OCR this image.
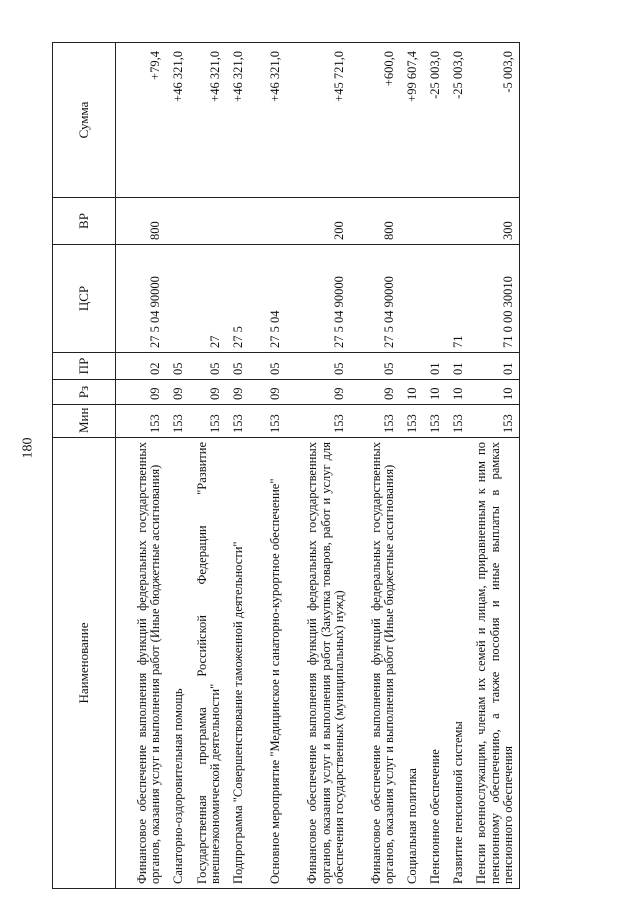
180
Наименование	Мин	Рз	ПР	ЦСР	ВР	Сумма
Финансовое обеспечение выполнения функций федеральных государственных органов, оказания услуг и выполнения работ (Иные бюджетные ассигнования)	153	09	02	27 5 04 90000	800	+79,4
Санаторно-оздоровительная помощь	153	09	05			+46 321,0
Государственная программа Российской Федерации "Развитие внешнеэкономической деятельности"	153	09	05	27		+46 321,0
Подпрограмма "Совершенствование таможенной деятельности"	153	09	05	27 5		+46 321,0
Основное мероприятие "Медицинское и санаторно-курортное обеспечение"	153	09	05	27 5 04		+46 321,0
Финансовое обеспечение выполнения функций федеральных государственных органов, оказания услуг и выполнения работ (Закупка товаров, работ и услуг для обеспечения государственных (муниципальных) нужд)	153	09	05	27 5 04 90000	200	+45 721,0
Финансовое обеспечение выполнения функций федеральных государственных органов, оказания услуг и выполнения работ (Иные бюджетные ассигнования)	153	09	05	27 5 04 90000	800	+600,0
Социальная политика	153	10				+99 607,4
Пенсионное обеспечение	153	10	01			-25 003,0
Развитие пенсионной системы	153	10	01	71		-25 003,0
Пенсии военнослужащим, членам их семей и лицам, приравненным к ним по пенсионному обеспечению, а также пособия и иные выплаты в рамках пенсионного обеспечения	153	10	01	71 0 00 30010	300	-5 003,0
